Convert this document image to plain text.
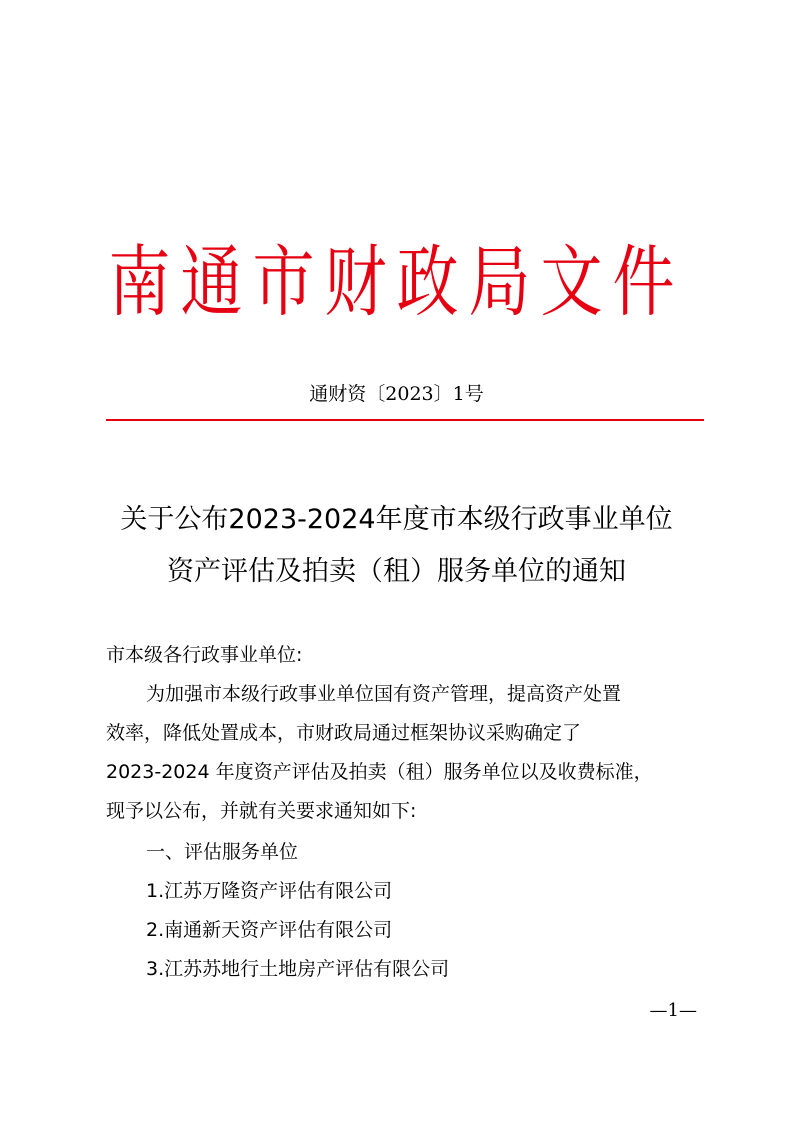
南通市财政局文件
通财资〔2023〕1号
关于公布2023-2024年度市本级行政事业单位
资产评估及拍卖（租）服务单位的通知
市本级各行政事业单位:
为加强市本级行政事业单位国有资产管理，提高资产处置
效率，降低处置成本，市财政局通过框架协议采购确定了
2023-2024 年度资产评估及拍卖（租）服务单位以及收费标准，
现予以公布，并就有关要求通知如下:
一、评估服务单位
1.江苏万隆资产评估有限公司
2.南通新天资产评估有限公司
3.江苏苏地行土地房产评估有限公司
—1—
